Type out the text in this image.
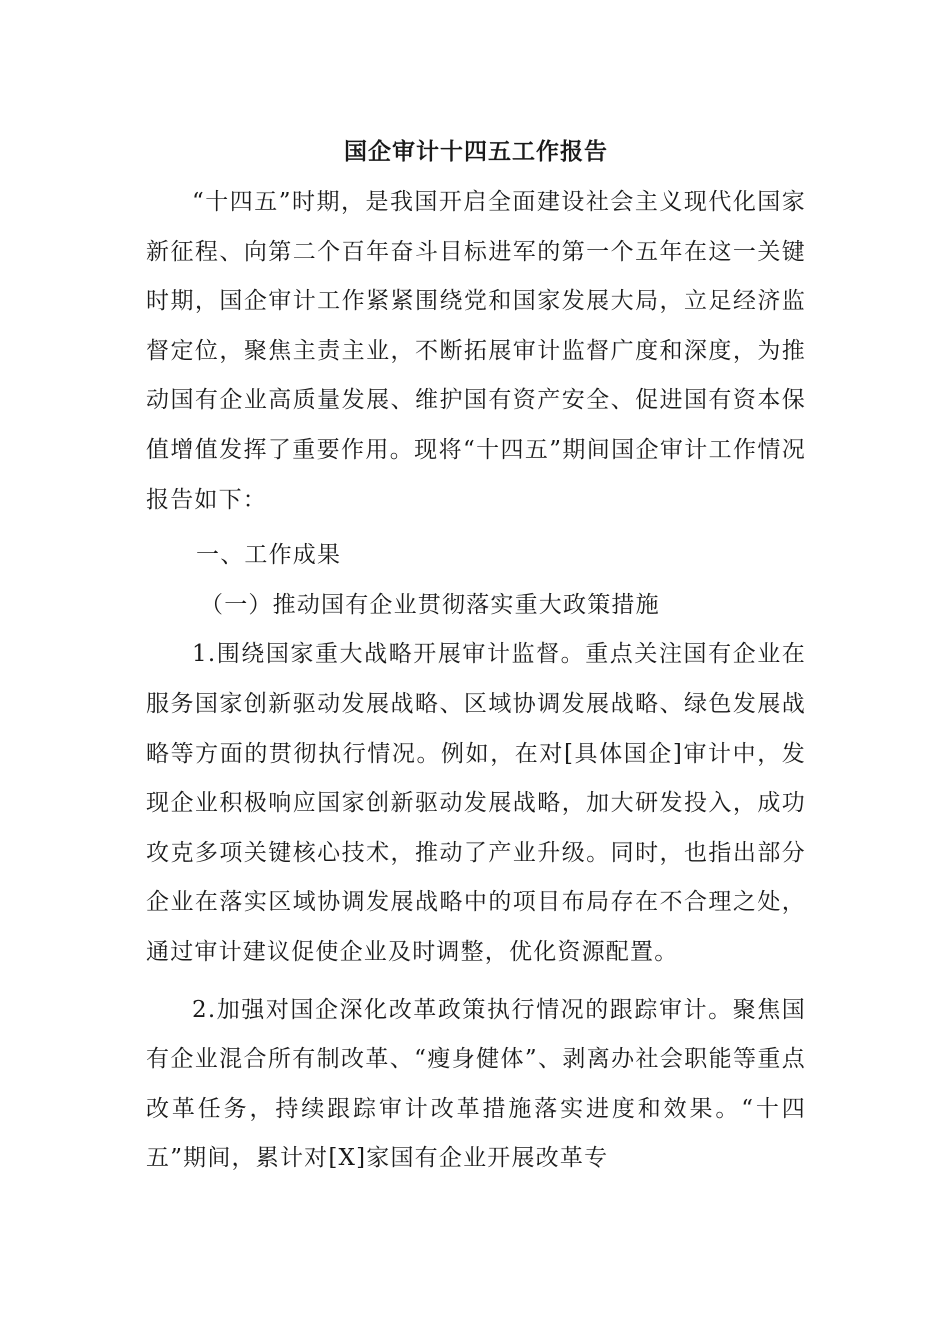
国企审计十四五工作报告

“十四五”时期，是我国开启全面建设社会主义现代化国家新征程、向第二个百年奋斗目标进军的第一个五年在这一关键时期，国企审计工作紧紧围绕党和国家发展大局，立足经济监督定位，聚焦主责主业，不断拓展审计监督广度和深度，为推动国有企业高质量发展、维护国有资产安全、促进国有资本保值增值发挥了重要作用。现将“十四五”期间国企审计工作情况报告如下：

一、工作成果

（一）推动国有企业贯彻落实重大政策措施

1.围绕国家重大战略开展审计监督。重点关注国有企业在服务国家创新驱动发展战略、区域协调发展战略、绿色发展战略等方面的贯彻执行情况。例如，在对[具体国企]审计中，发现企业积极响应国家创新驱动发展战略，加大研发投入，成功攻克多项关键核心技术，推动了产业升级。同时，也指出部分企业在落实区域协调发展战略中的项目布局存在不合理之处，通过审计建议促使企业及时调整，优化资源配置。

2.加强对国企深化改革政策执行情况的跟踪审计。聚焦国有企业混合所有制改革、“瘦身健体”、剥离办社会职能等重点改革任务，持续跟踪审计改革措施落实进度和效果。“十四五”期间，累计对[X]家国有企业开展改革专
